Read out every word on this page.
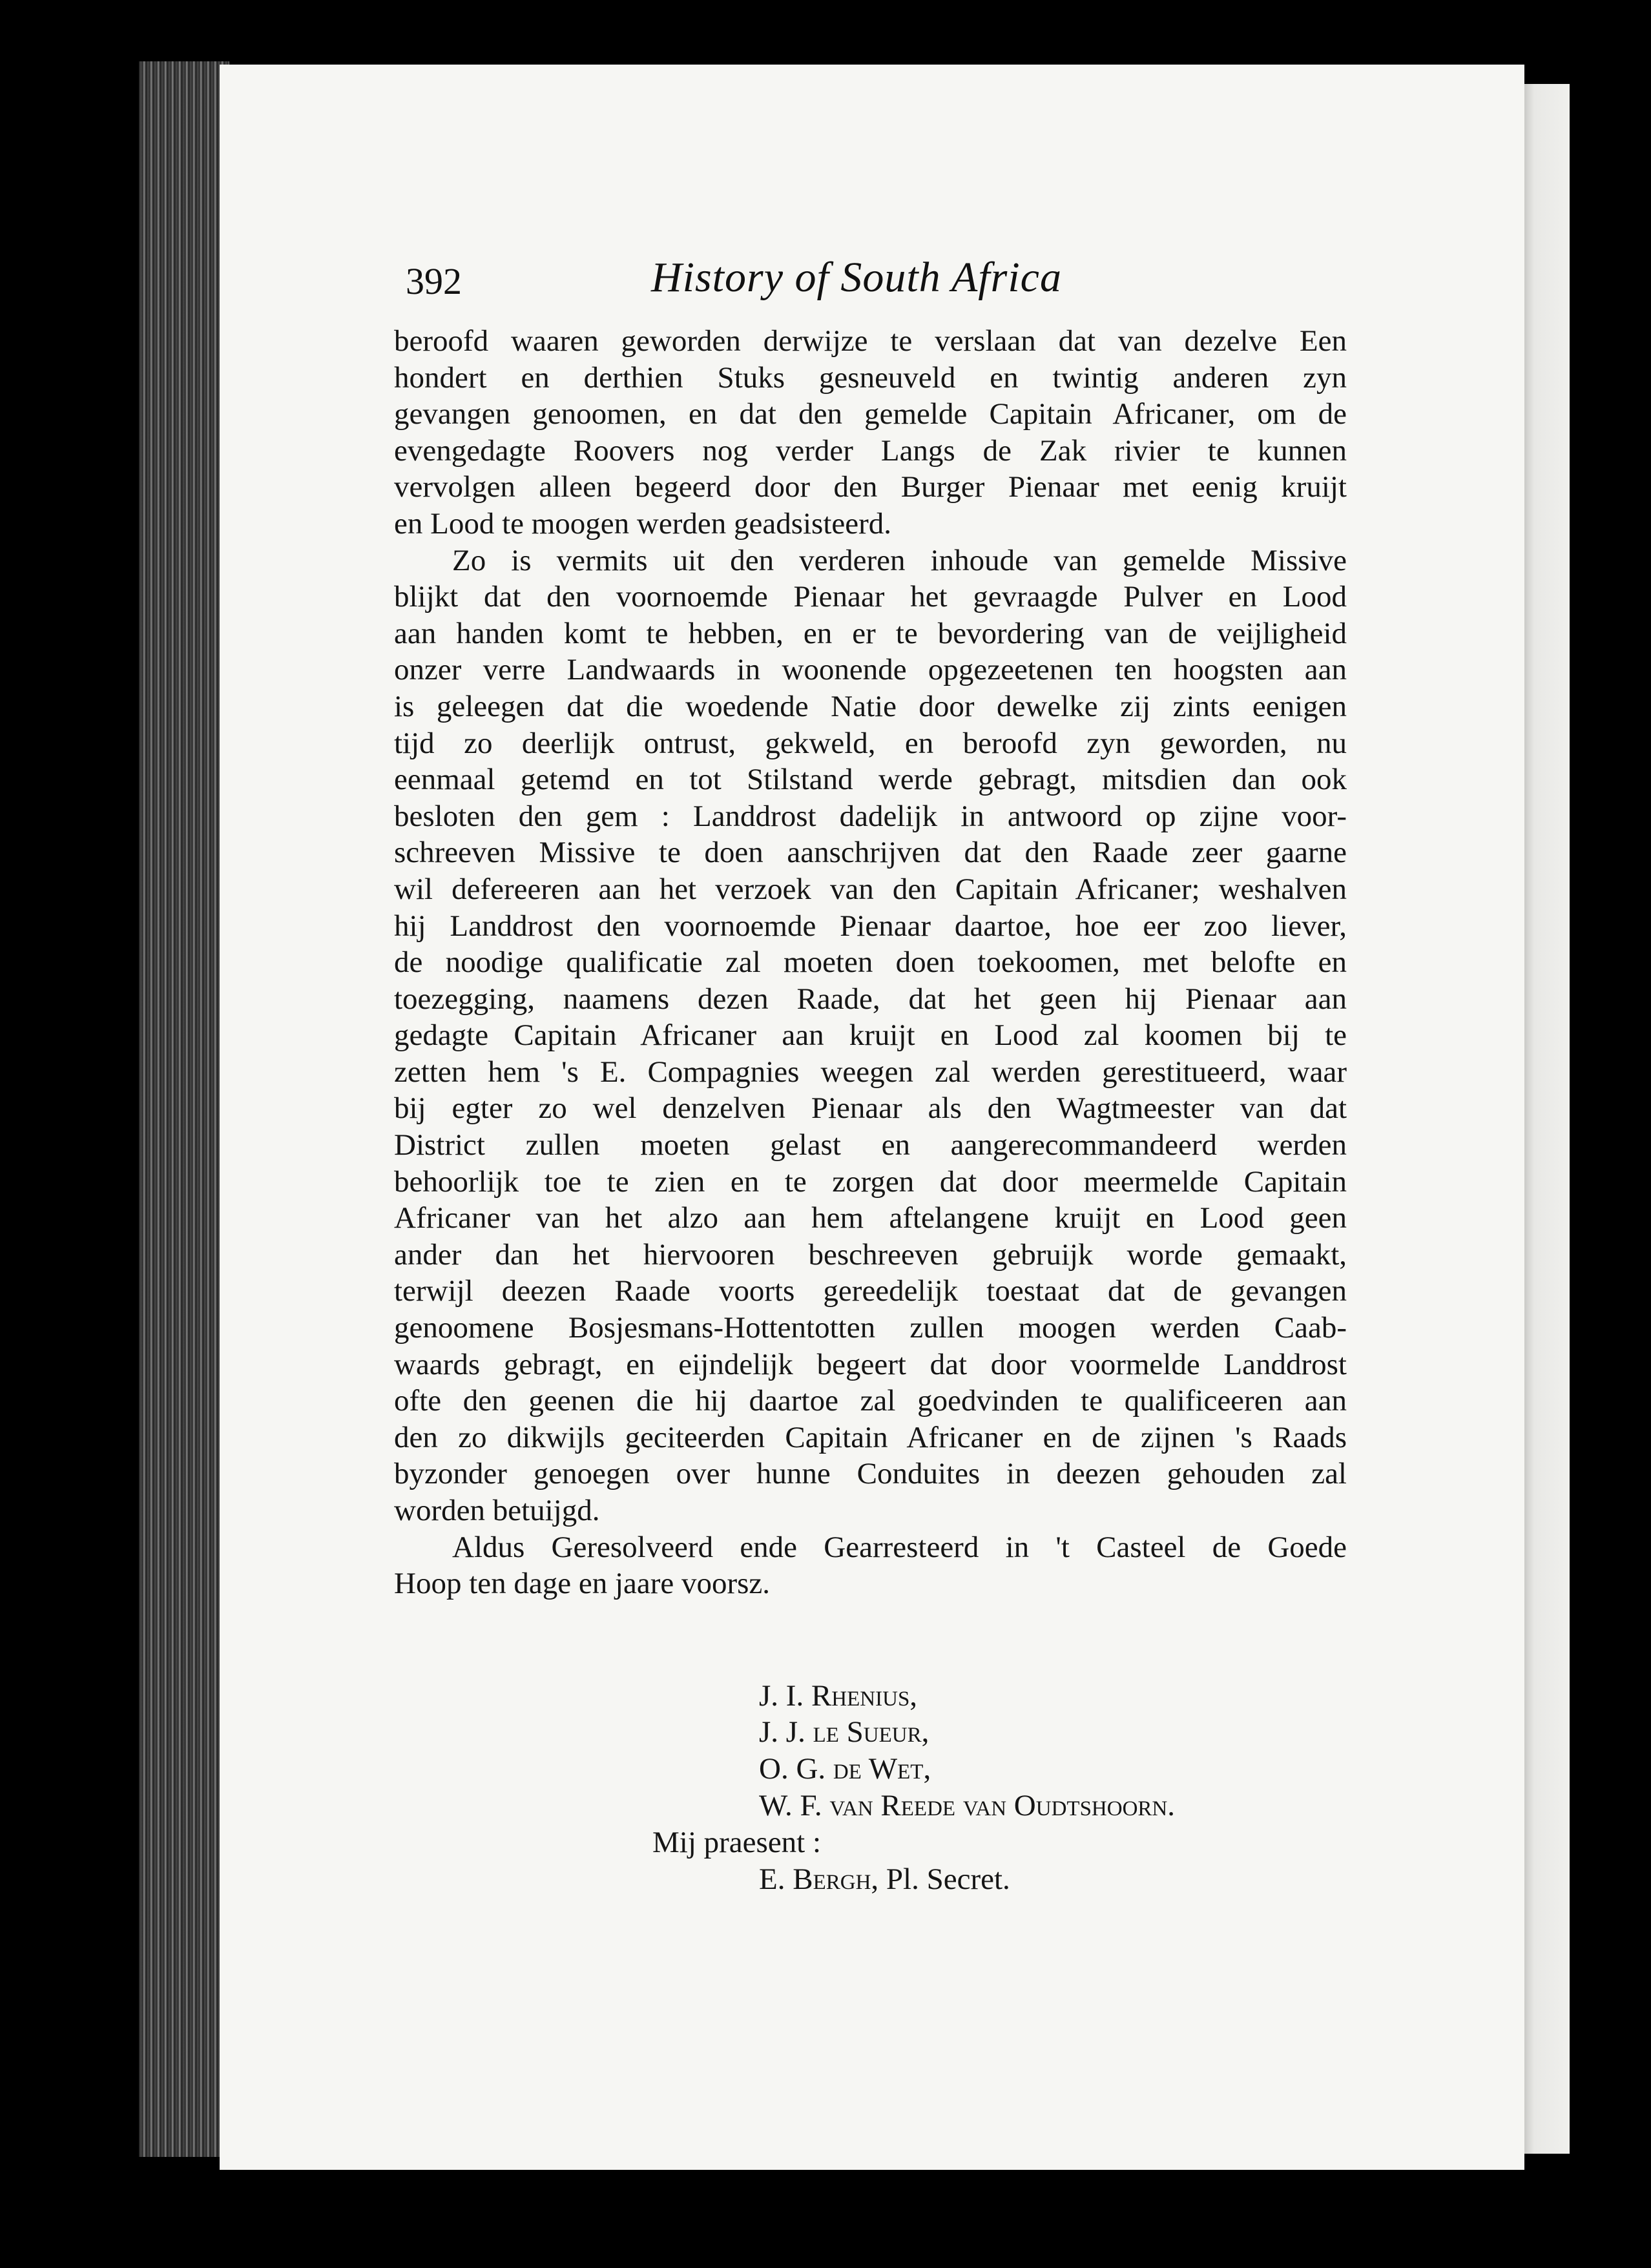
392	History of South Africa
beroofd waaren geworden derwijze te verslaan dat van dezelve Een
hondert en derthien Stuks gesneuveld en twintig anderen zyn
gevangen genoomen, en dat den gemelde Capitain Africaner, om de
evengedagte Roovers nog verder Langs de Zak rivier te kunnen
vervolgen alleen begeerd door den Burger Pienaar met eenig kruijt
en Lood te moogen werden geadsisteerd.
Zo is vermits uit den verderen inhoude van gemelde Missive
blijkt dat den voornoemde Pienaar het gevraagde Pulver en Lood
aan handen komt te hebben, en er te bevordering van de veijligheid
onzer verre Landwaards in woonende opgezeetenen ten hoogsten aan
is geleegen dat die woedende Natie door dewelke zij zints eenigen
tijd zo deerlijk ontrust, gekweld, en beroofd zyn geworden, nu
eenmaal getemd en tot Stilstand werde gebragt, mitsdien dan ook
besloten den gem : Landdrost dadelijk in antwoord op zijne voor-
schreeven Missive te doen aanschrijven dat den Raade zeer gaarne
wil defereeren aan het verzoek van den Capitain Africaner; weshalven
hij Landdrost den voornoemde Pienaar daartoe, hoe eer zoo liever,
de noodige qualificatie zal moeten doen toekoomen, met belofte en
toezegging, naamens dezen Raade, dat het geen hij Pienaar aan
gedagte Capitain Africaner aan kruijt en Lood zal koomen bij te
zetten hem 's E. Compagnies weegen zal werden gerestitueerd, waar
bij egter zo wel denzelven Pienaar als den Wagtmeester van dat
District zullen moeten gelast en aangerecommandeerd werden
behoorlijk toe te zien en te zorgen dat door meermelde Capitain
Africaner van het alzo aan hem aftelangene kruijt en Lood geen
ander dan het hiervooren beschreeven gebruijk worde gemaakt,
terwijl deezen Raade voorts gereedelijk toestaat dat de gevangen
genoomene Bosjesmans-Hottentotten zullen moogen werden Caab-
waards gebragt, en eijndelijk begeert dat door voormelde Landdrost
ofte den geenen die hij daartoe zal goedvinden te qualificeeren aan
den zo dikwijls geciteerden Capitain Africaner en de zijnen 's Raads
byzonder genoegen over hunne Conduites in deezen gehouden zal
worden betuijgd.
Aldus Geresolveerd ende Gearresteerd in 't Casteel de Goede
Hoop ten dage en jaare voorsz.
J. I. Rhenius,
J. J. le Sueur,
O. G. de Wet,
W. F. van Reede van Oudtshoorn.
Mij praesent :
E. Bergh, Pl. Secret.
